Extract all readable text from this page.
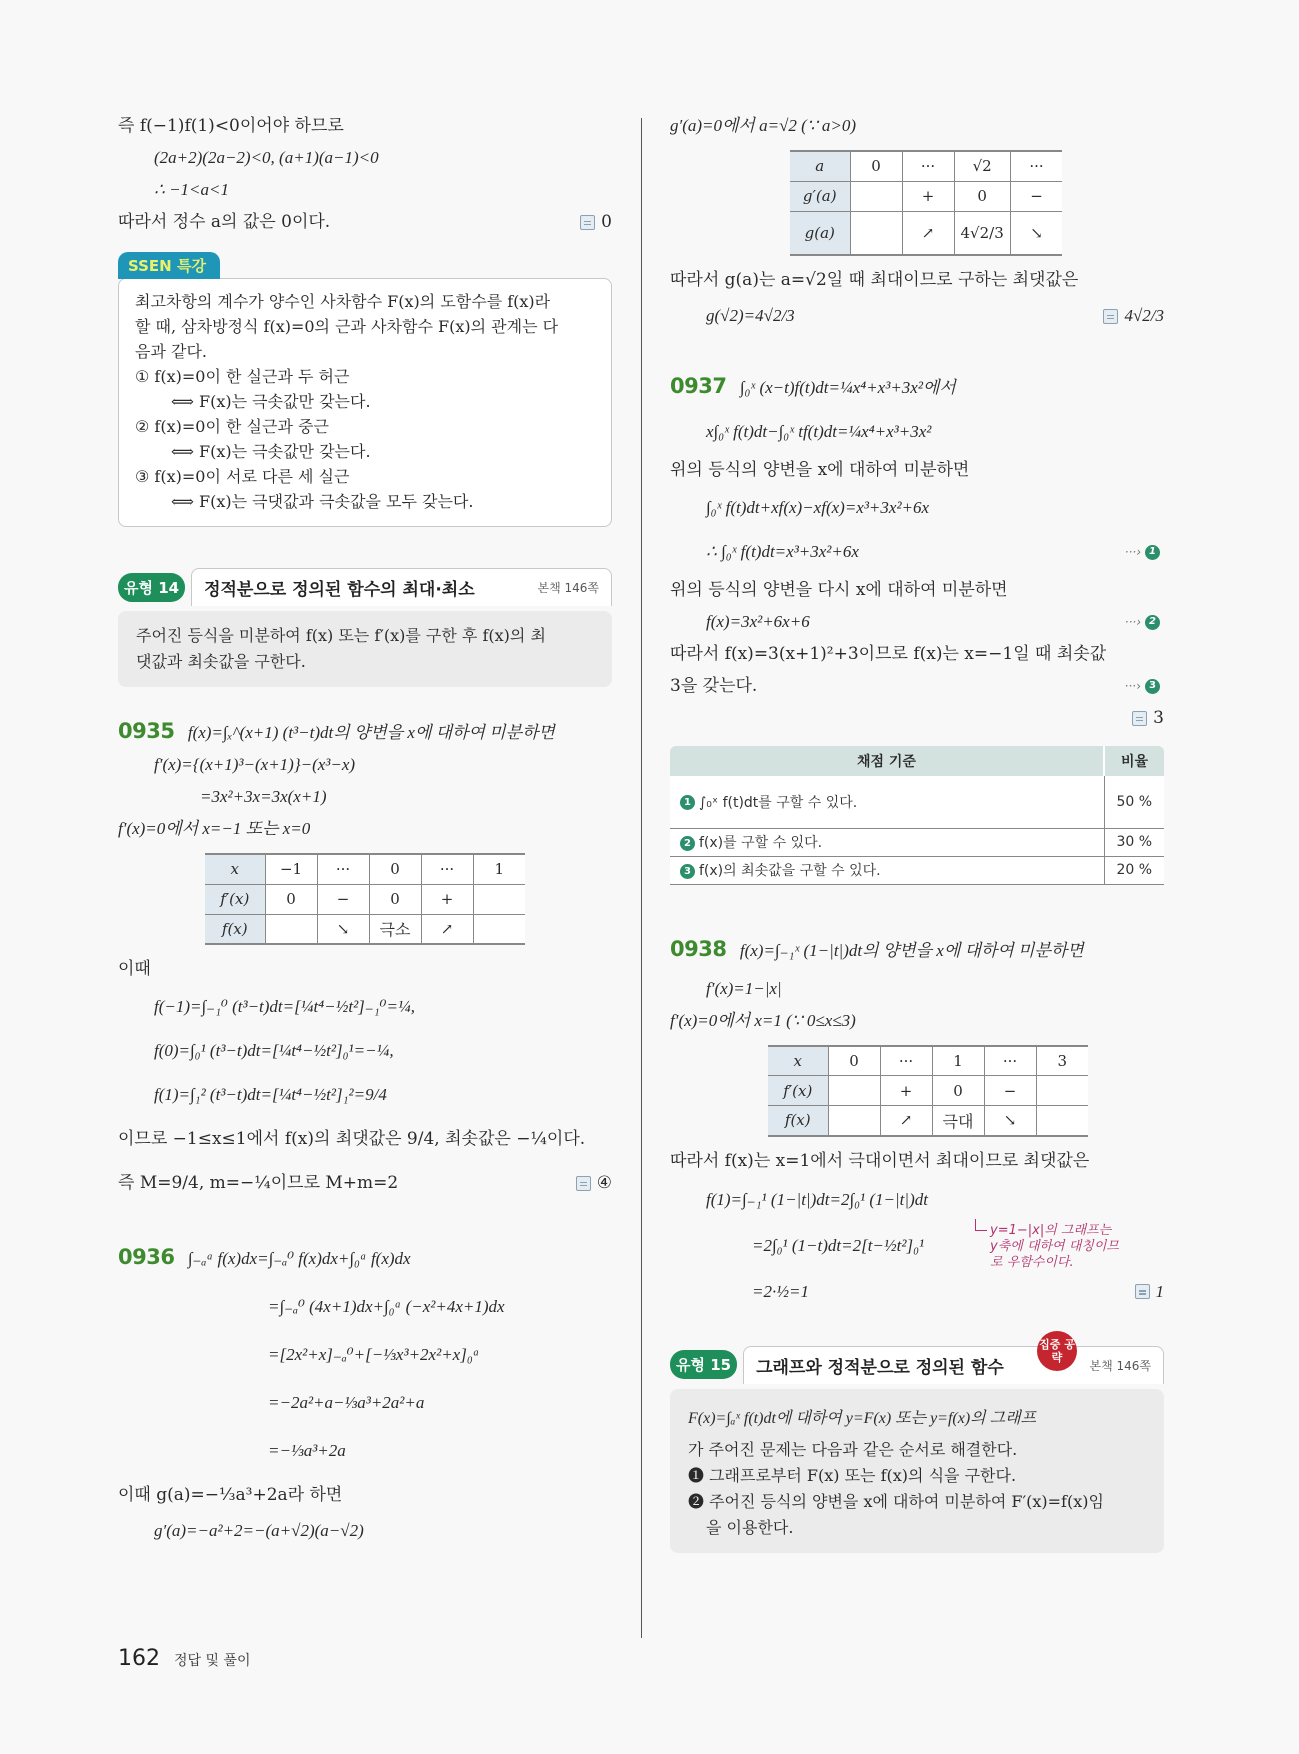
즉 f(−1)f(1)<0이어야 하므로
(2a+2)(2a−2)<0, (a+1)(a−1)<0
∴ −1<a<1
따라서 정수 a의 값은 0이다.	0
SSEN 특강
최고차항의 계수가 양수인 사차함수 F(x)의 도함수를 f(x)라
할 때, 삼차방정식 f(x)=0의 근과 사차함수 F(x)의 관계는 다
음과 같다.
① f(x)=0이 한 실근과 두 허근
⟺ F(x)는 극솟값만 갖는다.
② f(x)=0이 한 실근과 중근
⟺ F(x)는 극솟값만 갖는다.
③ f(x)=0이 서로 다른 세 실근
⟺ F(x)는 극댓값과 극솟값을 모두 갖는다.
유형 14	정적분으로 정의된 함수의 최대·최소	본책 146쪽
주어진 등식을 미분하여 f(x) 또는 f′(x)를 구한 후 f(x)의 최
댓값과 최솟값을 구한다.
0935 f(x)=∫ₓ^(x+1) (t³−t)dt의 양변을 x에 대하여 미분하면
f′(x)={(x+1)³−(x+1)}−(x³−x)
=3x²+3x=3x(x+1)
f′(x)=0에서 x=−1 또는 x=0
x	−1	···	0	···	1
f′(x)	0	−	0	+	
f(x)		↘	극소	↗	
이때
f(−1)=∫₋₁⁰ (t³−t)dt=[¼t⁴−½t²]₋₁⁰=¼,
f(0)=∫₀¹ (t³−t)dt=[¼t⁴−½t²]₀¹=−¼,
f(1)=∫₁² (t³−t)dt=[¼t⁴−½t²]₁²=9/4
이므로 −1≤x≤1에서 f(x)의 최댓값은 9/4, 최솟값은 −¼이다.
즉 M=9/4, m=−¼이므로 M+m=2	④
0936 ∫₋ₐᵃ f(x)dx=∫₋ₐ⁰ f(x)dx+∫₀ᵃ f(x)dx
=∫₋ₐ⁰ (4x+1)dx+∫₀ᵃ (−x²+4x+1)dx
=[2x²+x]₋ₐ⁰+[−⅓x³+2x²+x]₀ᵃ
=−2a²+a−⅓a³+2a²+a
=−⅓a³+2a
이때 g(a)=−⅓a³+2a라 하면
g′(a)=−a²+2=−(a+√2)(a−√2)
g′(a)=0에서 a=√2 (∵ a>0)
a	0	···	√2	···
g′(a)		+	0	−
g(a)		↗	4√2/3	↘
따라서 g(a)는 a=√2일 때 최대이므로 구하는 최댓값은
g(√2)=4√2/3	4√2/3
0937 ∫₀ˣ (x−t)f(t)dt=¼x⁴+x³+3x²에서
x∫₀ˣ f(t)dt−∫₀ˣ tf(t)dt=¼x⁴+x³+3x²
위의 등식의 양변을 x에 대하여 미분하면
∫₀ˣ f(t)dt+xf(x)−xf(x)=x³+3x²+6x
∴ ∫₀ˣ f(t)dt=x³+3x²+6x	···› 1
위의 등식의 양변을 다시 x에 대하여 미분하면
f(x)=3x²+6x+6	···› 2
따라서 f(x)=3(x+1)²+3이므로 f(x)는 x=−1일 때 최솟값
3을 갖는다.	···› 3
3

채점 기준	비율
1 ∫₀ˣ f(t)dt를 구할 수 있다.	50 %
2 f(x)를 구할 수 있다.	30 %
3 f(x)의 최솟값을 구할 수 있다.	20 %
0938 f(x)=∫₋₁ˣ (1−|t|)dt의 양변을 x에 대하여 미분하면
f′(x)=1−|x|
f′(x)=0에서 x=1 (∵ 0≤x≤3)
x	0	···	1	···	3
f′(x)		+	0	−	
f(x)		↗	극대	↘	
따라서 f(x)는 x=1에서 극대이면서 최대이므로 최댓값은
f(1)=∫₋₁¹ (1−|t|)dt=2∫₀¹ (1−|t|)dt
=2∫₀¹ (1−t)dt=2[t−½t²]₀¹
y=1−|x|의 그래프는
y축에 대하여 대칭이므
로 우함수이다.
=2·½=1	1
유형 15	그래프와 정적분으로 정의된 함수
집중 공략
본책 146쪽
F(x)=∫ₐˣ f(t)dt에 대하여 y=F(x) 또는 y=f(x)의 그래프
가 주어진 문제는 다음과 같은 순서로 해결한다.
❶ 그래프로부터 F(x) 또는 f(x)의 식을 구한다.
❷ 주어진 등식의 양변을 x에 대하여 미분하여 F′(x)=f(x)임
을 이용한다.
162 정답 및 풀이
